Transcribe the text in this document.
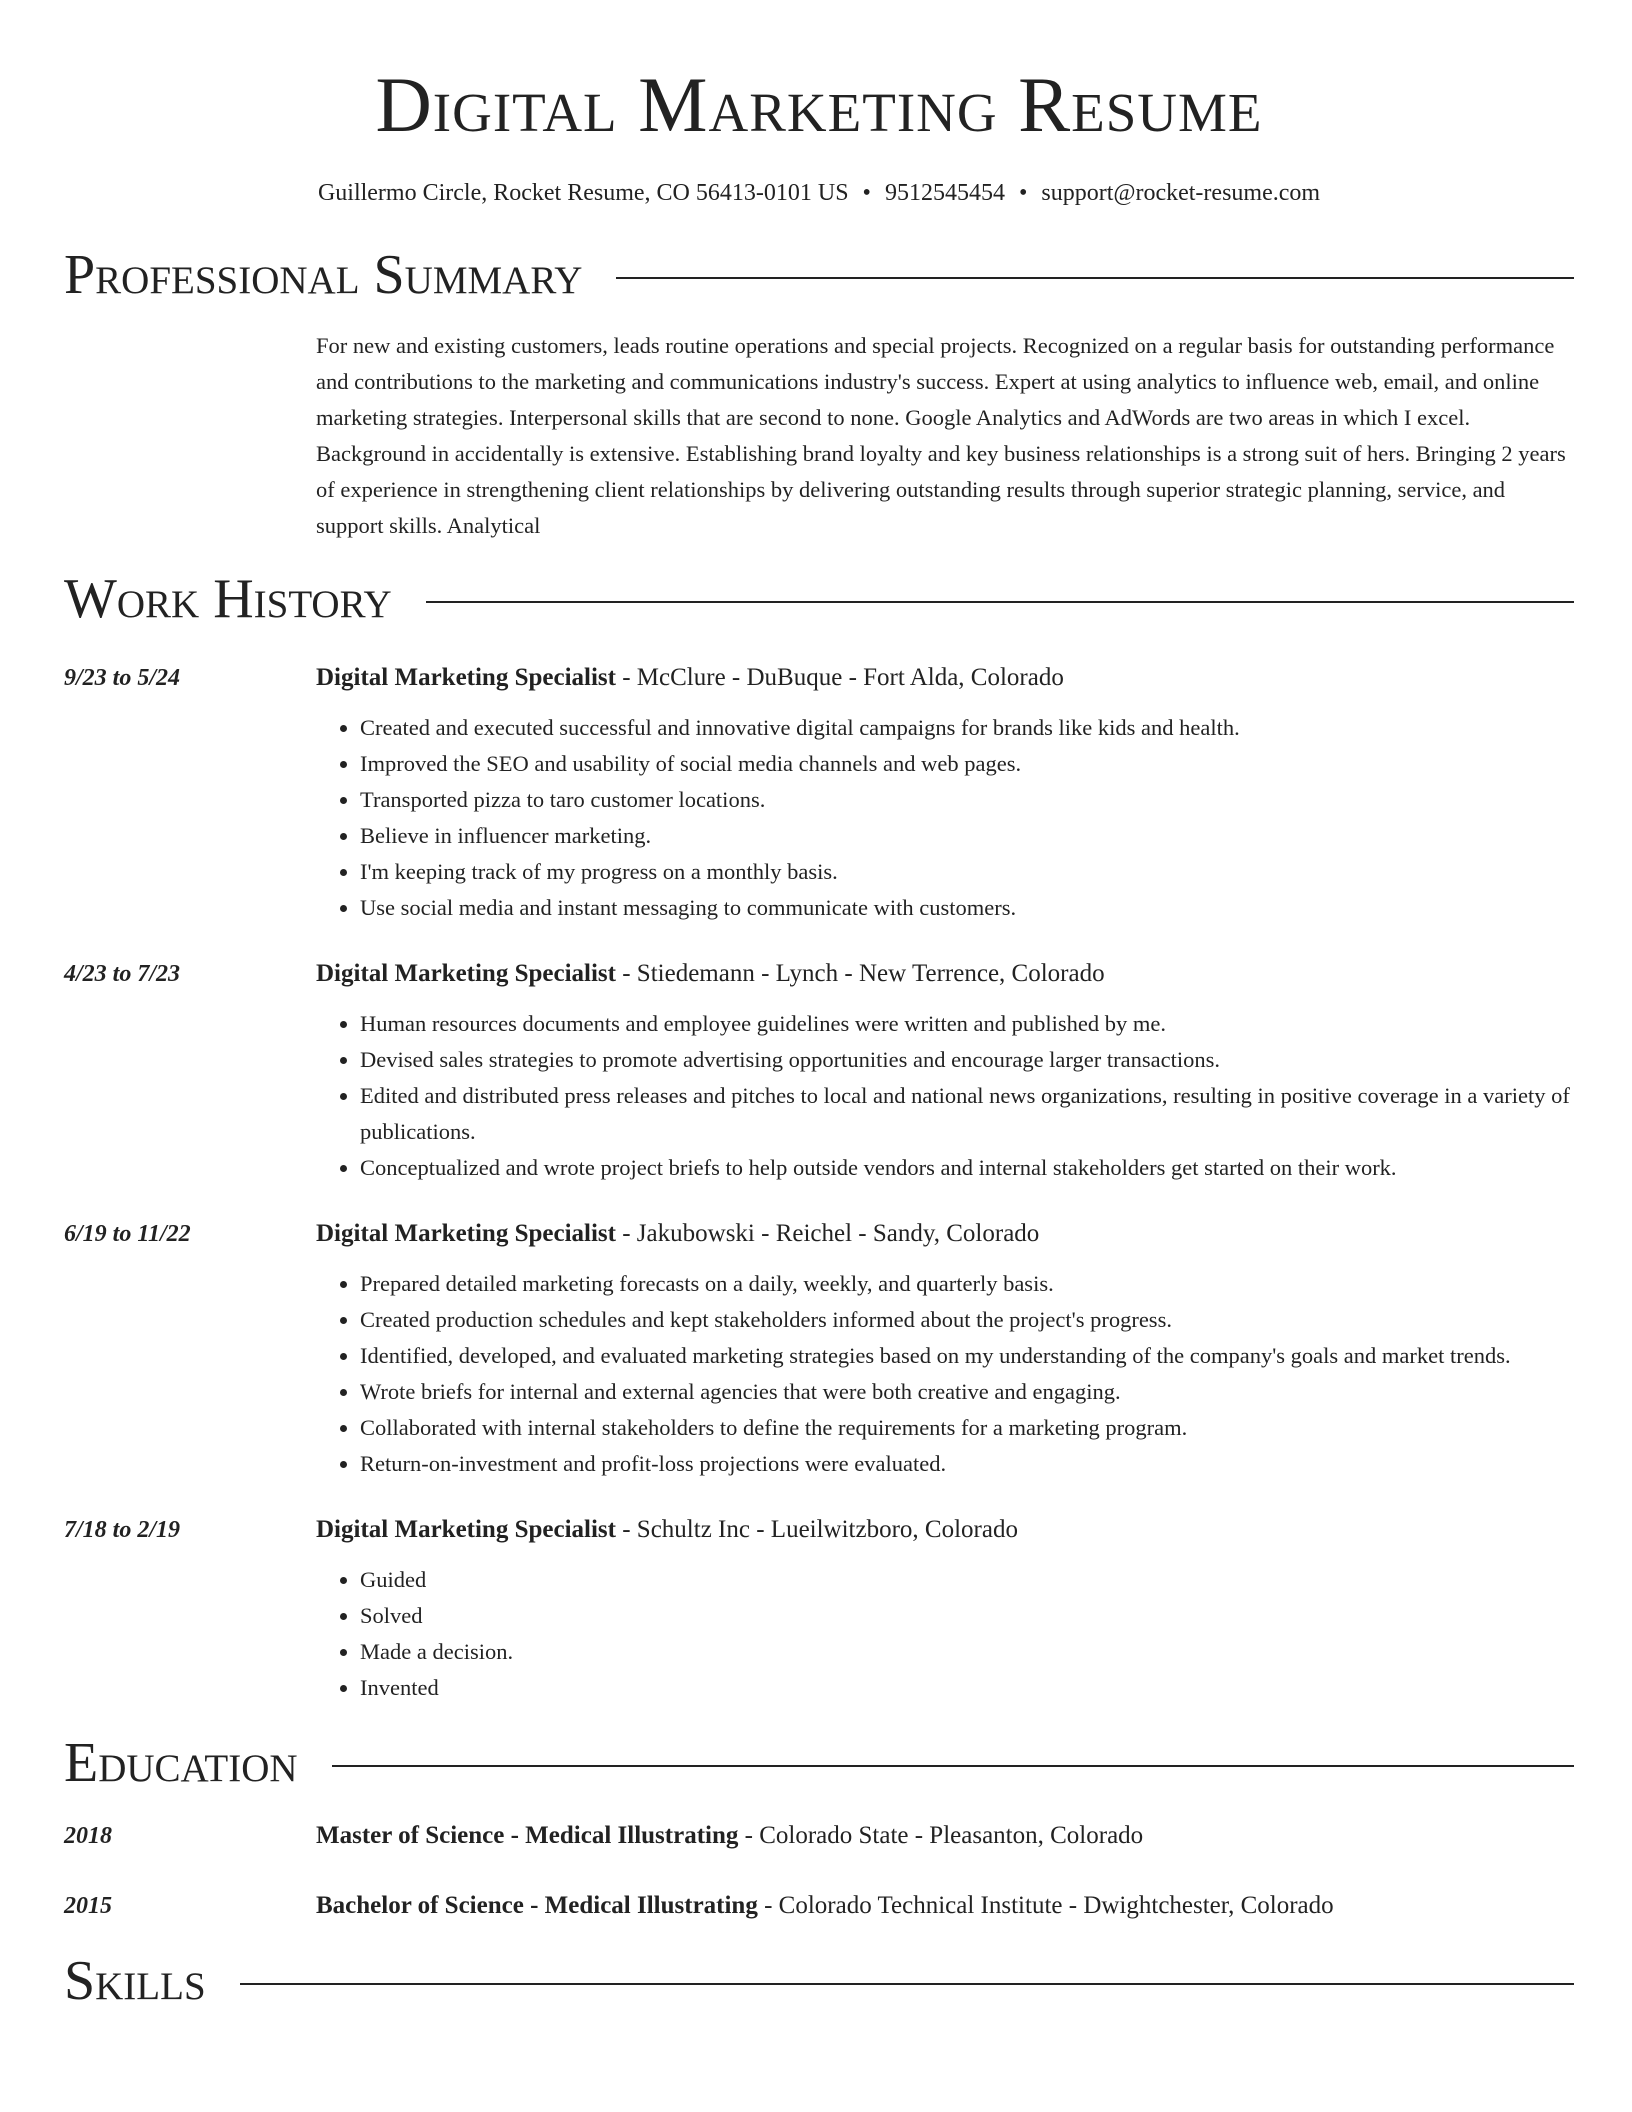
Digital Marketing Resume
Guillermo Circle, Rocket Resume, CO 56413-0101 US • 9512545454 • support@rocket-resume.com
Professional Summary
For new and existing customers, leads routine operations and special projects. Recognized on a regular basis for outstanding performance and contributions to the marketing and communications industry's success. Expert at using analytics to influence web, email, and online marketing strategies. Interpersonal skills that are second to none. Google Analytics and AdWords are two areas in which I excel. Background in accidentally is extensive. Establishing brand loyalty and key business relationships is a strong suit of hers. Bringing 2 years of experience in strengthening client relationships by delivering outstanding results through superior strategic planning, service, and support skills. Analytical
Work History
9/23 to 5/24	Digital Marketing Specialist - McClure - DuBuque - Fort Alda, Colorado
• Created and executed successful and innovative digital campaigns for brands like kids and health.
• Improved the SEO and usability of social media channels and web pages.
• Transported pizza to taro customer locations.
• Believe in influencer marketing.
• I'm keeping track of my progress on a monthly basis.
• Use social media and instant messaging to communicate with customers.
4/23 to 7/23	Digital Marketing Specialist - Stiedemann - Lynch - New Terrence, Colorado
• Human resources documents and employee guidelines were written and published by me.
• Devised sales strategies to promote advertising opportunities and encourage larger transactions.
• Edited and distributed press releases and pitches to local and national news organizations, resulting in positive coverage in a variety of publications.
• Conceptualized and wrote project briefs to help outside vendors and internal stakeholders get started on their work.
6/19 to 11/22	Digital Marketing Specialist - Jakubowski - Reichel - Sandy, Colorado
• Prepared detailed marketing forecasts on a daily, weekly, and quarterly basis.
• Created production schedules and kept stakeholders informed about the project's progress.
• Identified, developed, and evaluated marketing strategies based on my understanding of the company's goals and market trends.
• Wrote briefs for internal and external agencies that were both creative and engaging.
• Collaborated with internal stakeholders to define the requirements for a marketing program.
• Return-on-investment and profit-loss projections were evaluated.
7/18 to 2/19	Digital Marketing Specialist - Schultz Inc - Lueilwitzboro, Colorado
• Guided
• Solved
• Made a decision.
• Invented
Education
2018	Master of Science - Medical Illustrating - Colorado State - Pleasanton, Colorado
2015	Bachelor of Science - Medical Illustrating - Colorado Technical Institute - Dwightchester, Colorado
Skills
